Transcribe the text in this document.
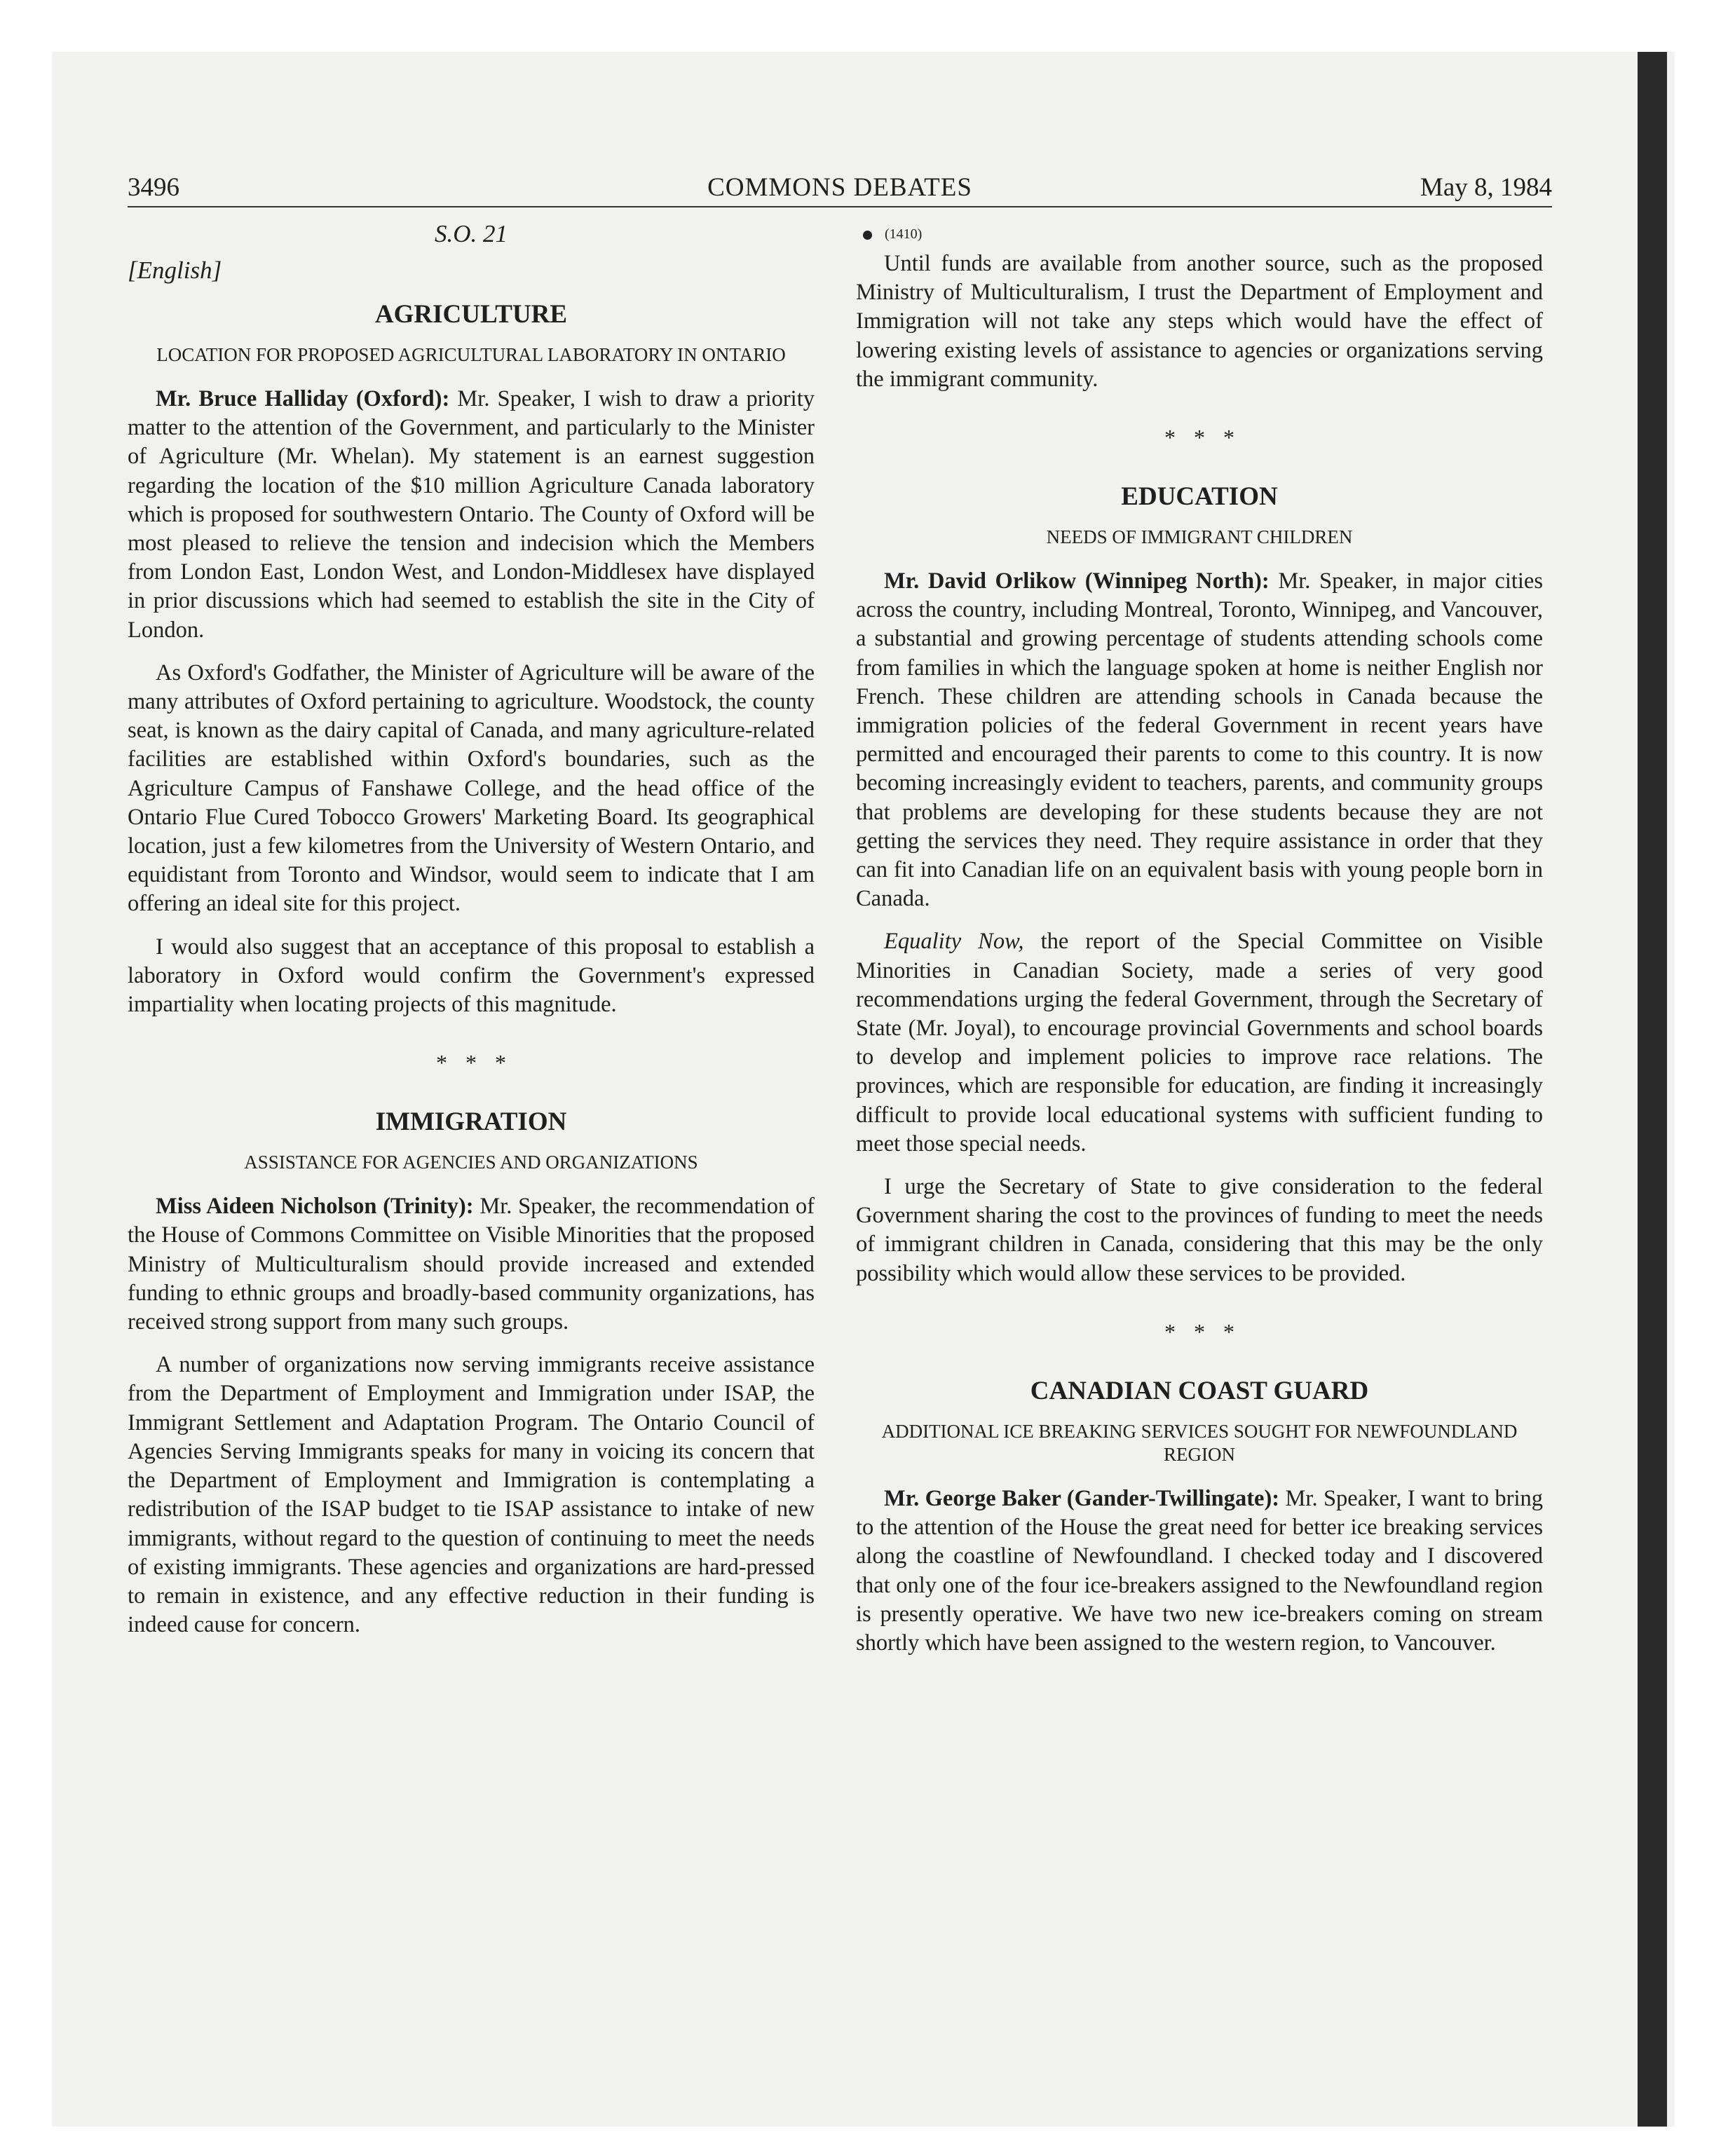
3496	COMMONS DEBATES	May 8, 1984
S.O. 21
[English]
AGRICULTURE
LOCATION FOR PROPOSED AGRICULTURAL LABORATORY IN ONTARIO

Mr. Bruce Halliday (Oxford): Mr. Speaker, I wish to draw a priority matter to the attention of the Government, and particularly to the Minister of Agriculture (Mr. Whelan). My statement is an earnest suggestion regarding the location of the $10 million Agriculture Canada laboratory which is proposed for southwestern Ontario. The County of Oxford will be most pleased to relieve the tension and indecision which the Members from London East, London West, and London-Middlesex have displayed in prior discussions which had seemed to establish the site in the City of London.

As Oxford's Godfather, the Minister of Agriculture will be aware of the many attributes of Oxford pertaining to agriculture. Woodstock, the county seat, is known as the dairy capital of Canada, and many agriculture-related facilities are established within Oxford's boundaries, such as the Agriculture Campus of Fanshawe College, and the head office of the Ontario Flue Cured Tobocco Growers' Marketing Board. Its geographical location, just a few kilometres from the University of Western Ontario, and equidistant from Toronto and Windsor, would seem to indicate that I am offering an ideal site for this project.

I would also suggest that an acceptance of this proposal to establish a laboratory in Oxford would confirm the Government's expressed impartiality when locating projects of this magnitude.

* * *
IMMIGRATION
ASSISTANCE FOR AGENCIES AND ORGANIZATIONS

Miss Aideen Nicholson (Trinity): Mr. Speaker, the recommendation of the House of Commons Committee on Visible Minorities that the proposed Ministry of Multiculturalism should provide increased and extended funding to ethnic groups and broadly-based community organizations, has received strong support from many such groups.

A number of organizations now serving immigrants receive assistance from the Department of Employment and Immigration under ISAP, the Immigrant Settlement and Adaptation Program. The Ontario Council of Agencies Serving Immigrants speaks for many in voicing its concern that the Department of Employment and Immigration is contemplating a redistribution of the ISAP budget to tie ISAP assistance to intake of new immigrants, without regard to the question of continuing to meet the needs of existing immigrants. These agencies and organizations are hard-pressed to remain in existence, and any effective reduction in their funding is indeed cause for concern.

(1410)

Until funds are available from another source, such as the proposed Ministry of Multiculturalism, I trust the Department of Employment and Immigration will not take any steps which would have the effect of lowering existing levels of assistance to agencies or organizations serving the immigrant community.

* * *
EDUCATION
NEEDS OF IMMIGRANT CHILDREN

Mr. David Orlikow (Winnipeg North): Mr. Speaker, in major cities across the country, including Montreal, Toronto, Winnipeg, and Vancouver, a substantial and growing percentage of students attending schools come from families in which the language spoken at home is neither English nor French. These children are attending schools in Canada because the immigration policies of the federal Government in recent years have permitted and encouraged their parents to come to this country. It is now becoming increasingly evident to teachers, parents, and community groups that problems are developing for these students because they are not getting the services they need. They require assistance in order that they can fit into Canadian life on an equivalent basis with young people born in Canada.

Equality Now, the report of the Special Committee on Visible Minorities in Canadian Society, made a series of very good recommendations urging the federal Government, through the Secretary of State (Mr. Joyal), to encourage provincial Governments and school boards to develop and implement policies to improve race relations. The provinces, which are responsible for education, are finding it increasingly difficult to provide local educational systems with sufficient funding to meet those special needs.

I urge the Secretary of State to give consideration to the federal Government sharing the cost to the provinces of funding to meet the needs of immigrant children in Canada, considering that this may be the only possibility which would allow these services to be provided.

* * *
CANADIAN COAST GUARD
ADDITIONAL ICE BREAKING SERVICES SOUGHT FOR NEWFOUNDLAND REGION

Mr. George Baker (Gander-Twillingate): Mr. Speaker, I want to bring to the attention of the House the great need for better ice breaking services along the coastline of Newfoundland. I checked today and I discovered that only one of the four ice-breakers assigned to the Newfoundland region is presently operative. We have two new ice-breakers coming on stream shortly which have been assigned to the western region, to Vancouver.
